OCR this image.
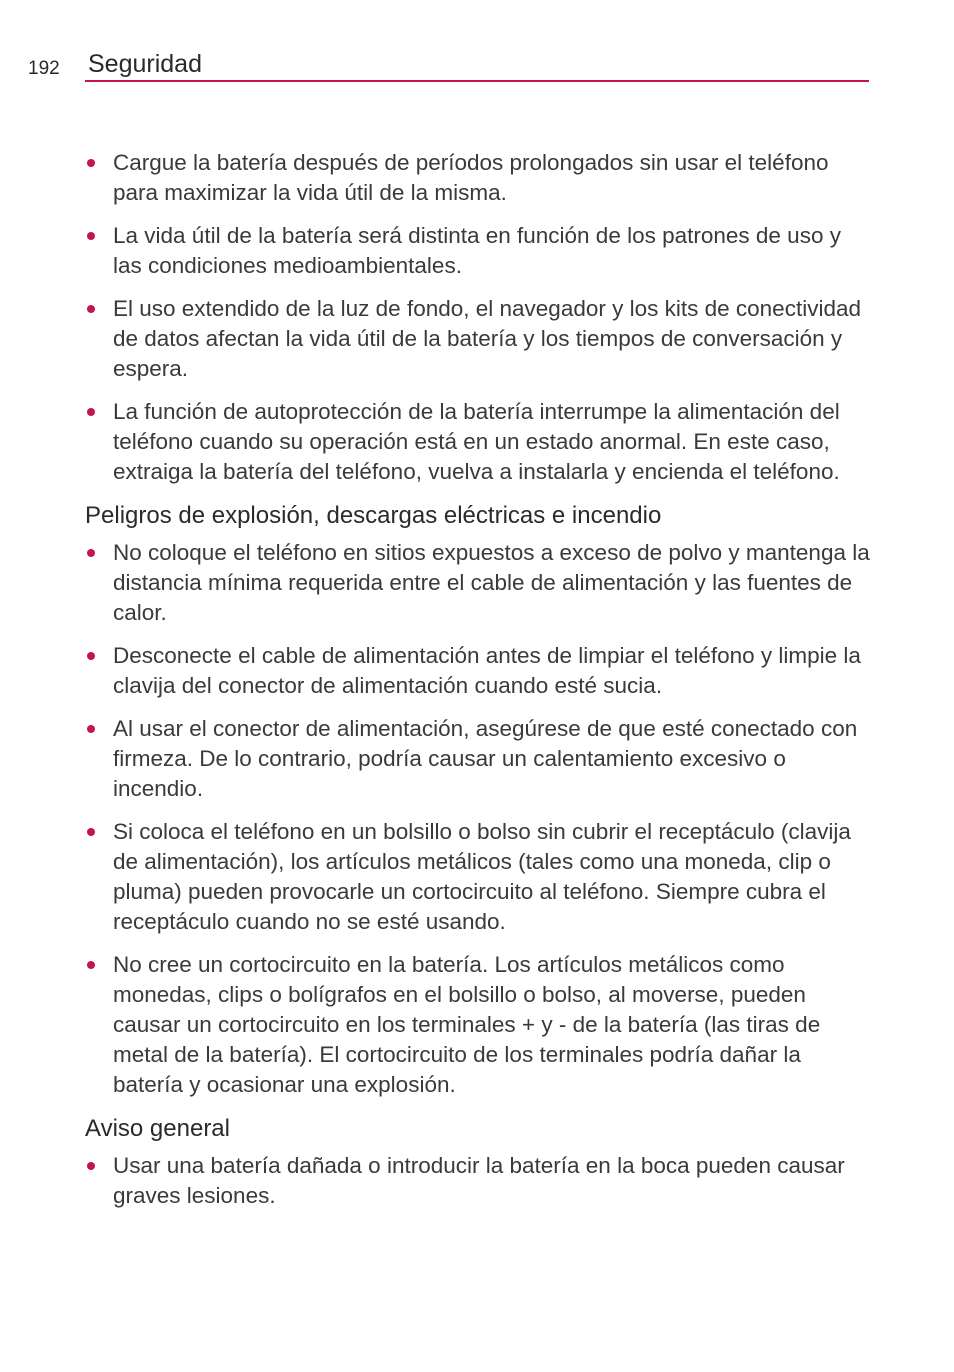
192 Seguridad
Cargue la batería después de períodos prolongados sin usar el teléfono para maximizar la vida útil de la misma.
La vida útil de la batería será distinta en función de los patrones de uso y las condiciones medioambientales.
El uso extendido de la luz de fondo, el navegador y los kits de conectividad de datos afectan la vida útil de la batería y los tiempos de conversación y espera.
La función de autoprotección de la batería interrumpe la alimentación del teléfono cuando su operación está en un estado anormal. En este caso, extraiga la batería del teléfono, vuelva a instalarla y encienda el teléfono.
Peligros de explosión, descargas eléctricas e incendio
No coloque el teléfono en sitios expuestos a exceso de polvo y mantenga la distancia mínima requerida entre el cable de alimentación y las fuentes de calor.
Desconecte el cable de alimentación antes de limpiar el teléfono y limpie la clavija del conector de alimentación cuando esté sucia.
Al usar el conector de alimentación, asegúrese de que esté conectado con firmeza. De lo contrario, podría causar un calentamiento excesivo o incendio.
Si coloca el teléfono en un bolsillo o bolso sin cubrir el receptáculo (clavija de alimentación), los artículos metálicos (tales como una moneda, clip o pluma) pueden provocarle un cortocircuito al teléfono. Siempre cubra el receptáculo cuando no se esté usando.
No cree un cortocircuito en la batería. Los artículos metálicos como monedas, clips o bolígrafos en el bolsillo o bolso, al moverse, pueden causar un cortocircuito en los terminales + y - de la batería (las tiras de metal de la batería). El cortocircuito de los terminales podría dañar la batería y ocasionar una explosión.
Aviso general
Usar una batería dañada o introducir la batería en la boca pueden causar graves lesiones.
